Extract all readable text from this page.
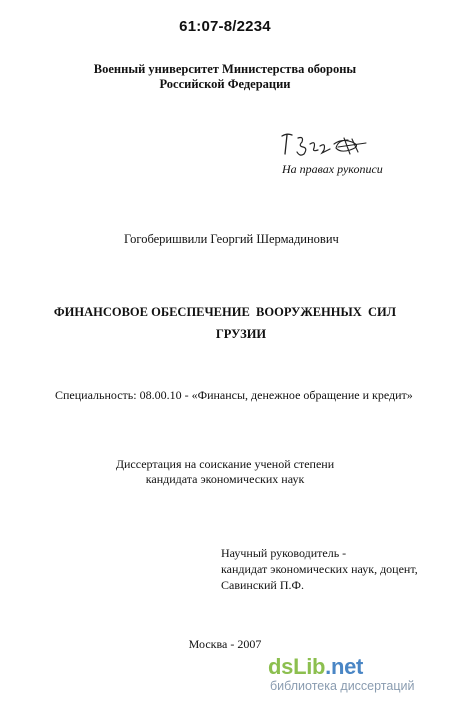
61:07-8/2234
Военный университет Министерства обороны
Российской Федерации
На правах рукописи
Гогоберишвили Георгий Шермадинович
ФИНАНСОВОЕ ОБЕСПЕЧЕНИЕ  ВООРУЖЕННЫХ  СИЛ
ГРУЗИИ
Специальность: 08.00.10 - «Финансы, денежное обращение и кредит»
Диссертация на соискание ученой степени
кандидата экономических наук
Научный руководитель -
кандидат экономических наук, доцент,
Савинский П.Ф.
Москва - 2007
dsLib.net
библиотека диссертаций
